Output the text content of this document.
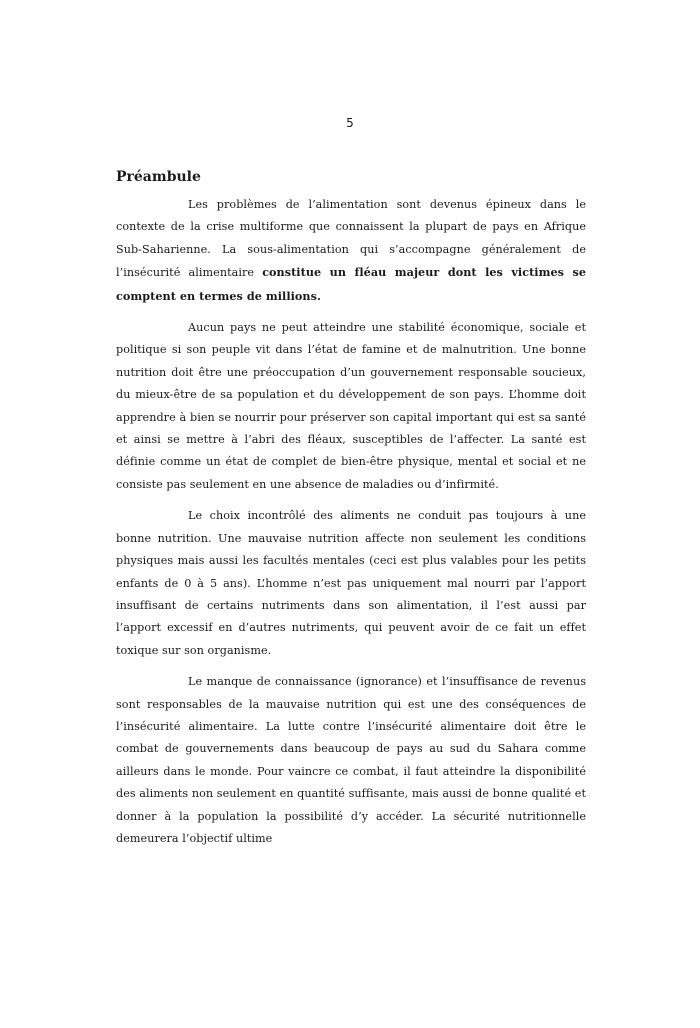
5
Préambule

Les problèmes de l’alimentation sont devenus épineux dans le contexte de la crise multiforme que connaissent la plupart de pays en Afrique Sub-Saharienne. La sous-alimentation qui s’accompagne généralement de l’insécurité alimentaire constitue un fléau majeur dont les victimes se comptent en termes de millions.

Aucun pays ne peut atteindre une stabilité économique, sociale et politique si son peuple vit dans l’état de famine et de malnutrition. Une bonne nutrition doit être une préoccupation d’un gouvernement responsable soucieux, du mieux-être de sa population et du développement de son pays. L’homme doit apprendre à bien se nourrir pour préserver son capital important qui est sa santé et ainsi se mettre à l’abri des fléaux, susceptibles de l’affecter. La santé est définie comme un état de complet de bien-être physique, mental et social et ne consiste pas seulement en une absence de maladies ou d’infirmité.

Le choix incontrôlé des aliments ne conduit pas toujours à une bonne nutrition. Une mauvaise nutrition affecte non seulement les conditions physiques mais aussi les facultés mentales (ceci est plus valables pour les petits enfants de 0 à 5 ans). L’homme n’est pas uniquement mal nourri par l’apport insuffisant de certains nutriments dans son alimentation, il l’est aussi par l’apport excessif en d’autres nutriments, qui peuvent avoir de ce fait un effet toxique sur son organisme.

Le manque de connaissance (ignorance) et l’insuffisance de revenus sont responsables de la mauvaise nutrition qui est une des conséquences de l’insécurité alimentaire. La lutte contre l’insécurité alimentaire doit être le combat de gouvernements dans beaucoup de pays au sud du Sahara comme ailleurs dans le monde. Pour vaincre ce combat, il faut atteindre la disponibilité des aliments non seulement en quantité suffisante, mais aussi de bonne qualité et donner à la population la possibilité d’y accéder. La sécurité nutritionnelle demeurera l’objectif ultime
